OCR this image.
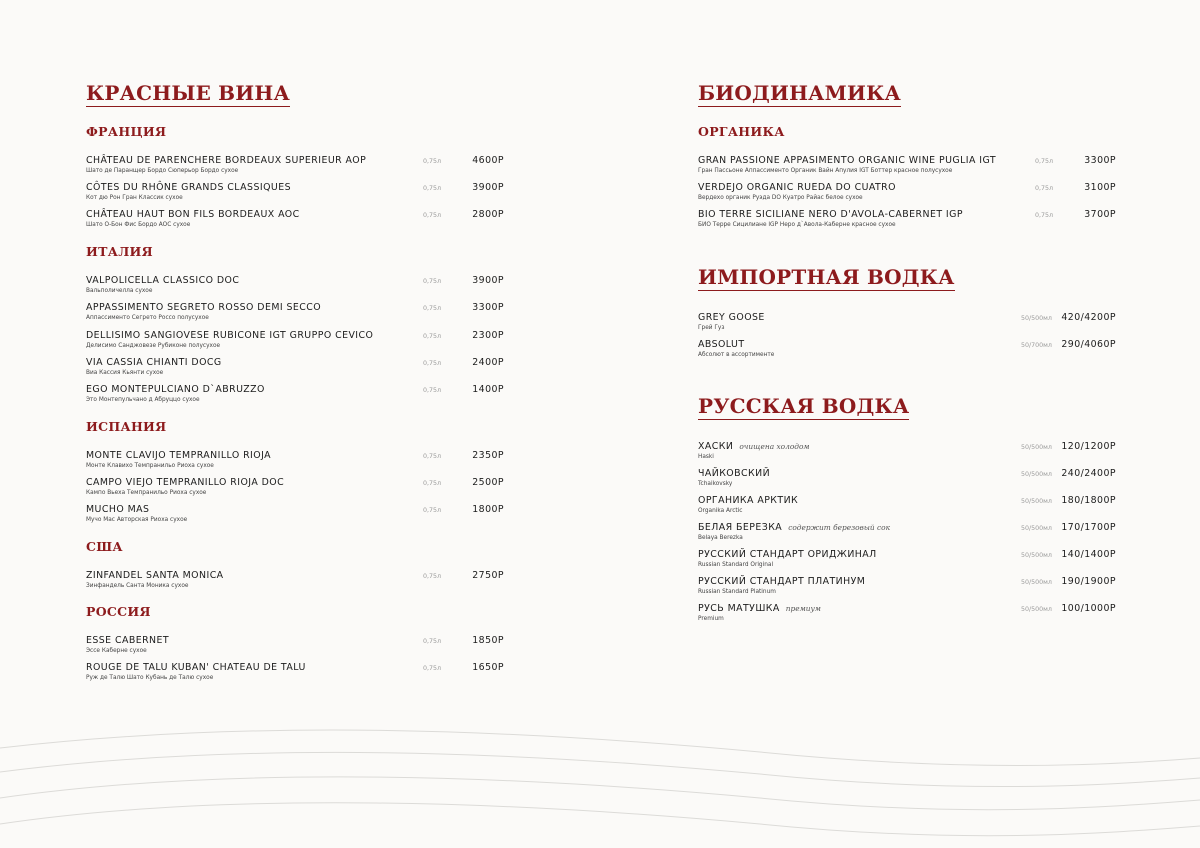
КРАСНЫЕ ВИНА
ФРАНЦИЯ
CHÂTEAU DE PARENCHERE BORDEAUX SUPERIEUR AOP
Шато де Паранщер Бордо Сюперьор Бордо сухое
0,75л	4600Р
CÔTES DU RHÔNE GRANDS CLASSIQUES
Кот дю Рон Гран Классик сухое
0,75л	3900Р
CHÂTEAU HAUT BON FILS BORDEAUX AOC
Шато О-Бон Фис Бордо АОС сухое
0,75л	2800Р
ИТАЛИЯ
VALPOLICELLA CLASSICO DOC
Вальполичелла сухое
0,75л	3900Р
APPASSIMENTO SEGRETO ROSSO DEMI SECCO
Аппассименто Сегрето Россо полусухое
0,75л	3300Р
DELLISIMO SANGIOVESE RUBICONE IGT GRUPPO CEVICO
Делисимо Санджовезе Рубиконе полусухое
0,75л	2300Р
VIA CASSIA CHIANTI DOCG
Виа Кассия Кьянти сухое
0,75л	2400Р
EGO MONTEPULCIANO D`ABRUZZO
Это Монтепульчано д Абруццо сухое
0,75л	1400Р
ИСПАНИЯ
MONTE CLAVIJO TEMPRANILLO RIOJA
Монте Клавихо Темпранильо Риоха сухое
0,75л	2350Р
CAMPO VIEJO TEMPRANILLO RIOJA DOC
Кампо Вьеха Темпранильо Риоха сухое
0,75л	2500Р
MUCHO MAS
Мучо Мас Авторская Риоха сухое
0,75л	1800Р
США
ZINFANDEL SANTA MONICA
Зинфандель Санта Моника сухое
0,75л	2750Р
РОССИЯ
ESSE CABERNET
Эссе Каберне сухое
0,75л	1850Р
ROUGE DE TALU KUBAN' CHATEAU DE TALU
Руж де Талю Шато Кубань де Талю сухое
0,75л	1650Р
БИОДИНАМИКА
ОРГАНИКА
GRAN PASSIONE APPASIMENTO ORGANIC WINE PUGLIA IGT
Гран Пассьоне Аппассименто Органик Вайн Апулия IGT Боттер красное полусухое
0,75л	3300Р
VERDEJO ORGANIC RUEDA DO CUATRO
Вердехо органик Руэда DO Куатро Райас белое сухое
0,75л	3100Р
BIO TERRE SICILIANE NERO D'AVOLA-CABERNET IGP
БИО Терре Сицилиане IGP Неро д`Авола-Каберне красное сухое
0,75л	3700Р
ИМПОРТНАЯ ВОДКА
GREY GOOSE
Грей Гуз
50/500мл 420/4200Р
ABSOLUT
Абсолют в ассортименте
50/700мл 290/4060Р
РУССКАЯ ВОДКА
ХАСКИ очищена холодом
Haski
50/500мл 120/1200Р
ЧАЙКОВСКИЙ
Tchaikovsky
50/500мл 240/2400Р
ОРГАНИКА АРКТИК
Organika Arctic
50/500мл 180/1800Р
БЕЛАЯ БЕРЕЗКА содержит березовый сок
Belaya Berezka
50/500мл 170/1700Р
РУССКИЙ СТАНДАРТ ОРИДЖИНАЛ
Russian Standard Original
50/500мл 140/1400Р
РУССКИЙ СТАНДАРТ ПЛАТИНУМ
Russian Standard Platinum
50/500мл 190/1900Р
РУСЬ МАТУШКА премиум
Premium
50/500мл 100/1000Р
